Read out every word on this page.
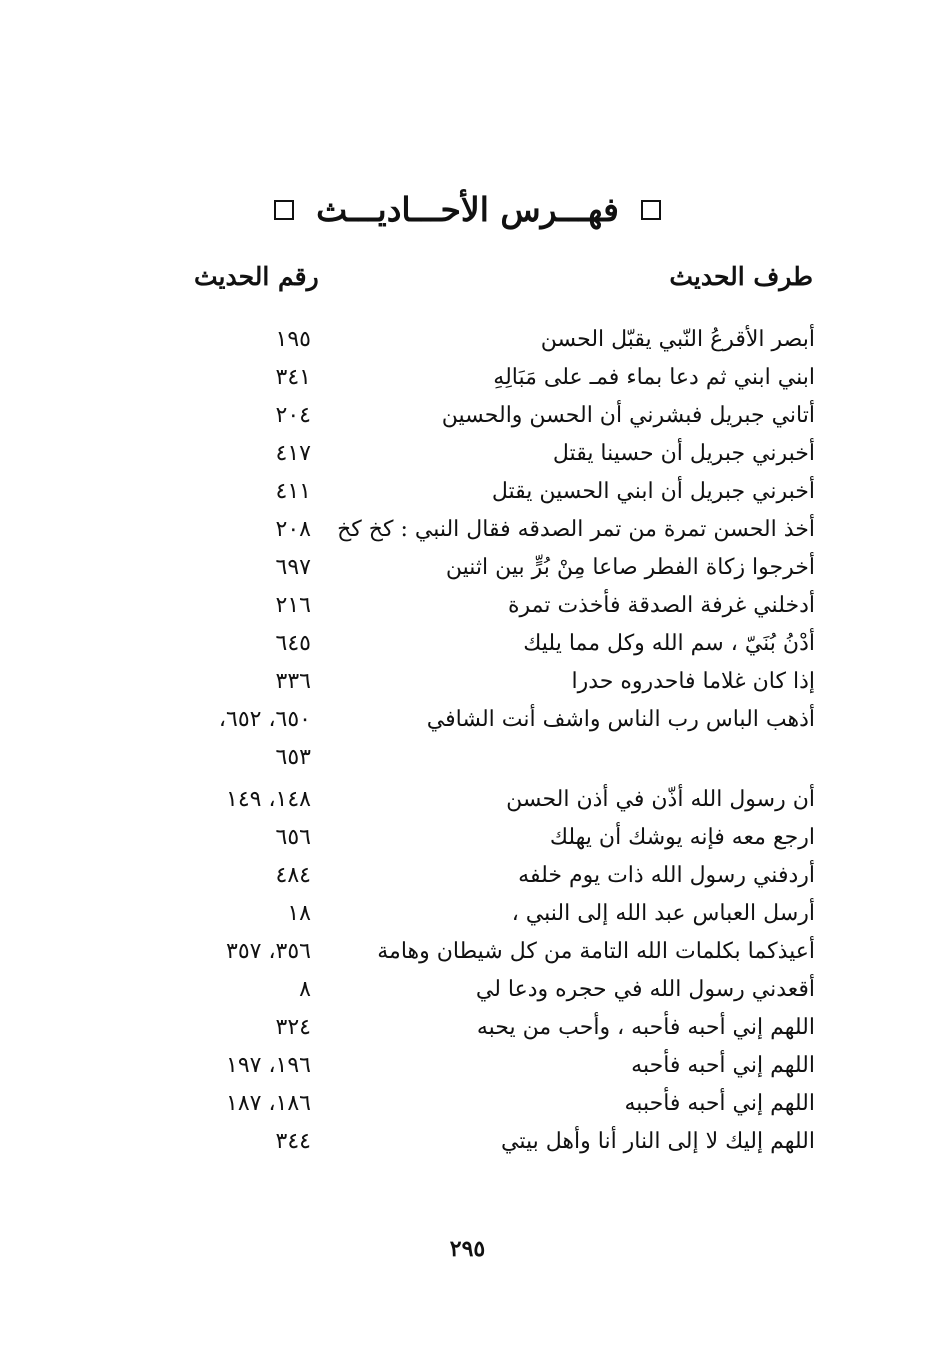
فهـــرس الأحـــاديـــث
طرف الحديث
رقم الحديث
أبصر الأقرعُ النّبي يقبّل الحسن
١٩٥
ابني ابني ثم دعا بماء فمـ على مَبَالِهِ
٣٤١
أتاني جبريل فبشرني أن الحسن والحسين
٢٠٤
أخبرني جبريل أن حسينا يقتل
٤١٧
أخبرني جبريل أن ابني الحسين يقتل
٤١١
أخذ الحسن تمرة من تمر الصدقه فقال النبي : كخ كخ
٢٠٨
أخرجوا زكاة الفطر صاعا مِنْ بُرٍّ بين اثنين
٦٩٧
أدخلني غرفة الصدقة فأخذت تمرة
٢١٦
أدْنُ بُنَيّ ، سم الله وكل مما يليك
٦٤٥
إذا كان غلاما فاحدروه حدرا
٣٣٦
أذهب الباس رب الناس واشف أنت الشافي
٦٥٠، ٦٥٢،
٦٥٣
أن رسول الله أذّن في أذن الحسن
١٤٨، ١٤٩
ارجع معه فإنه يوشك أن يهلك
٦٥٦
أردفني رسول الله ذات يوم خلفه
٤٨٤
أرسل العباس عبد الله إلى النبي ،
١٨
أعيذكما بكلمات الله التامة من كل شيطان وهامة
٣٥٦، ٣٥٧
أقعدني رسول الله في حجره ودعا لي
٨
اللهم إني أحبه فأحبه ، وأحب من يحبه
٣٢٤
اللهم إني أحبه فأحبه
١٩٦، ١٩٧
اللهم إني أحبه فأحببه
١٨٦، ١٨٧
اللهم إليك لا إلى النار أنا وأهل بيتي
٣٤٤
٢٩٥
